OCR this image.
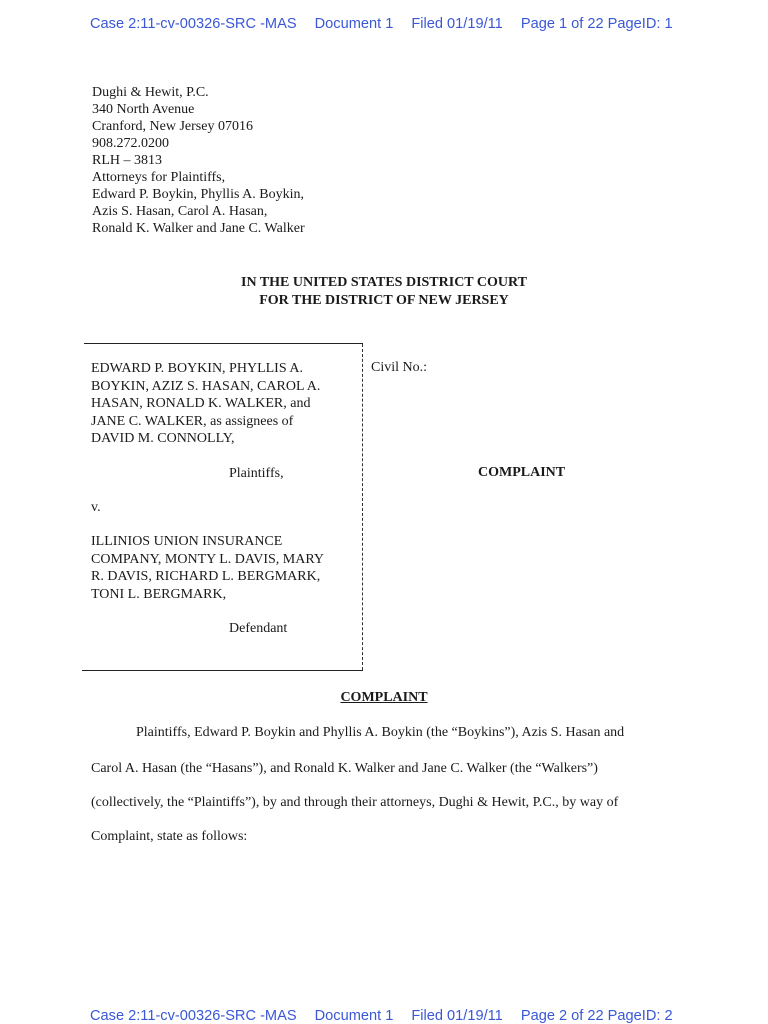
Case 2:11-cv-00326-SRC -MAS Document 1 Filed 01/19/11 Page 1 of 22 PageID: 1
Dughi & Hewit, P.C.
340 North Avenue
Cranford, New Jersey 07016
908.272.0200
RLH – 3813
Attorneys for Plaintiffs,
Edward P. Boykin, Phyllis A. Boykin,
Azis S. Hasan, Carol A. Hasan,
Ronald K. Walker and Jane C. Walker
IN THE UNITED STATES DISTRICT COURT
FOR THE DISTRICT OF NEW JERSEY
EDWARD P. BOYKIN, PHYLLIS A.
BOYKIN, AZIZ S. HASAN, CAROL A.
HASAN, RONALD K. WALKER, and
JANE C. WALKER, as assignees of
DAVID M. CONNOLLY,
Plaintiffs,
v.
ILLINIOS UNION INSURANCE
COMPANY, MONTY L. DAVIS, MARY
R. DAVIS, RICHARD L. BERGMARK,
TONI L. BERGMARK,
Defendant
Civil No.:
COMPLAINT
COMPLAINT
Plaintiffs, Edward P. Boykin and Phyllis A. Boykin (the “Boykins”), Azis S. Hasan and
Carol A. Hasan (the “Hasans”), and Ronald K. Walker and Jane C. Walker (the “Walkers”)
(collectively, the “Plaintiffs”), by and through their attorneys, Dughi & Hewit, P.C., by way of
Complaint, state as follows:
Case 2:11-cv-00326-SRC -MAS Document 1 Filed 01/19/11 Page 2 of 22 PageID: 2
